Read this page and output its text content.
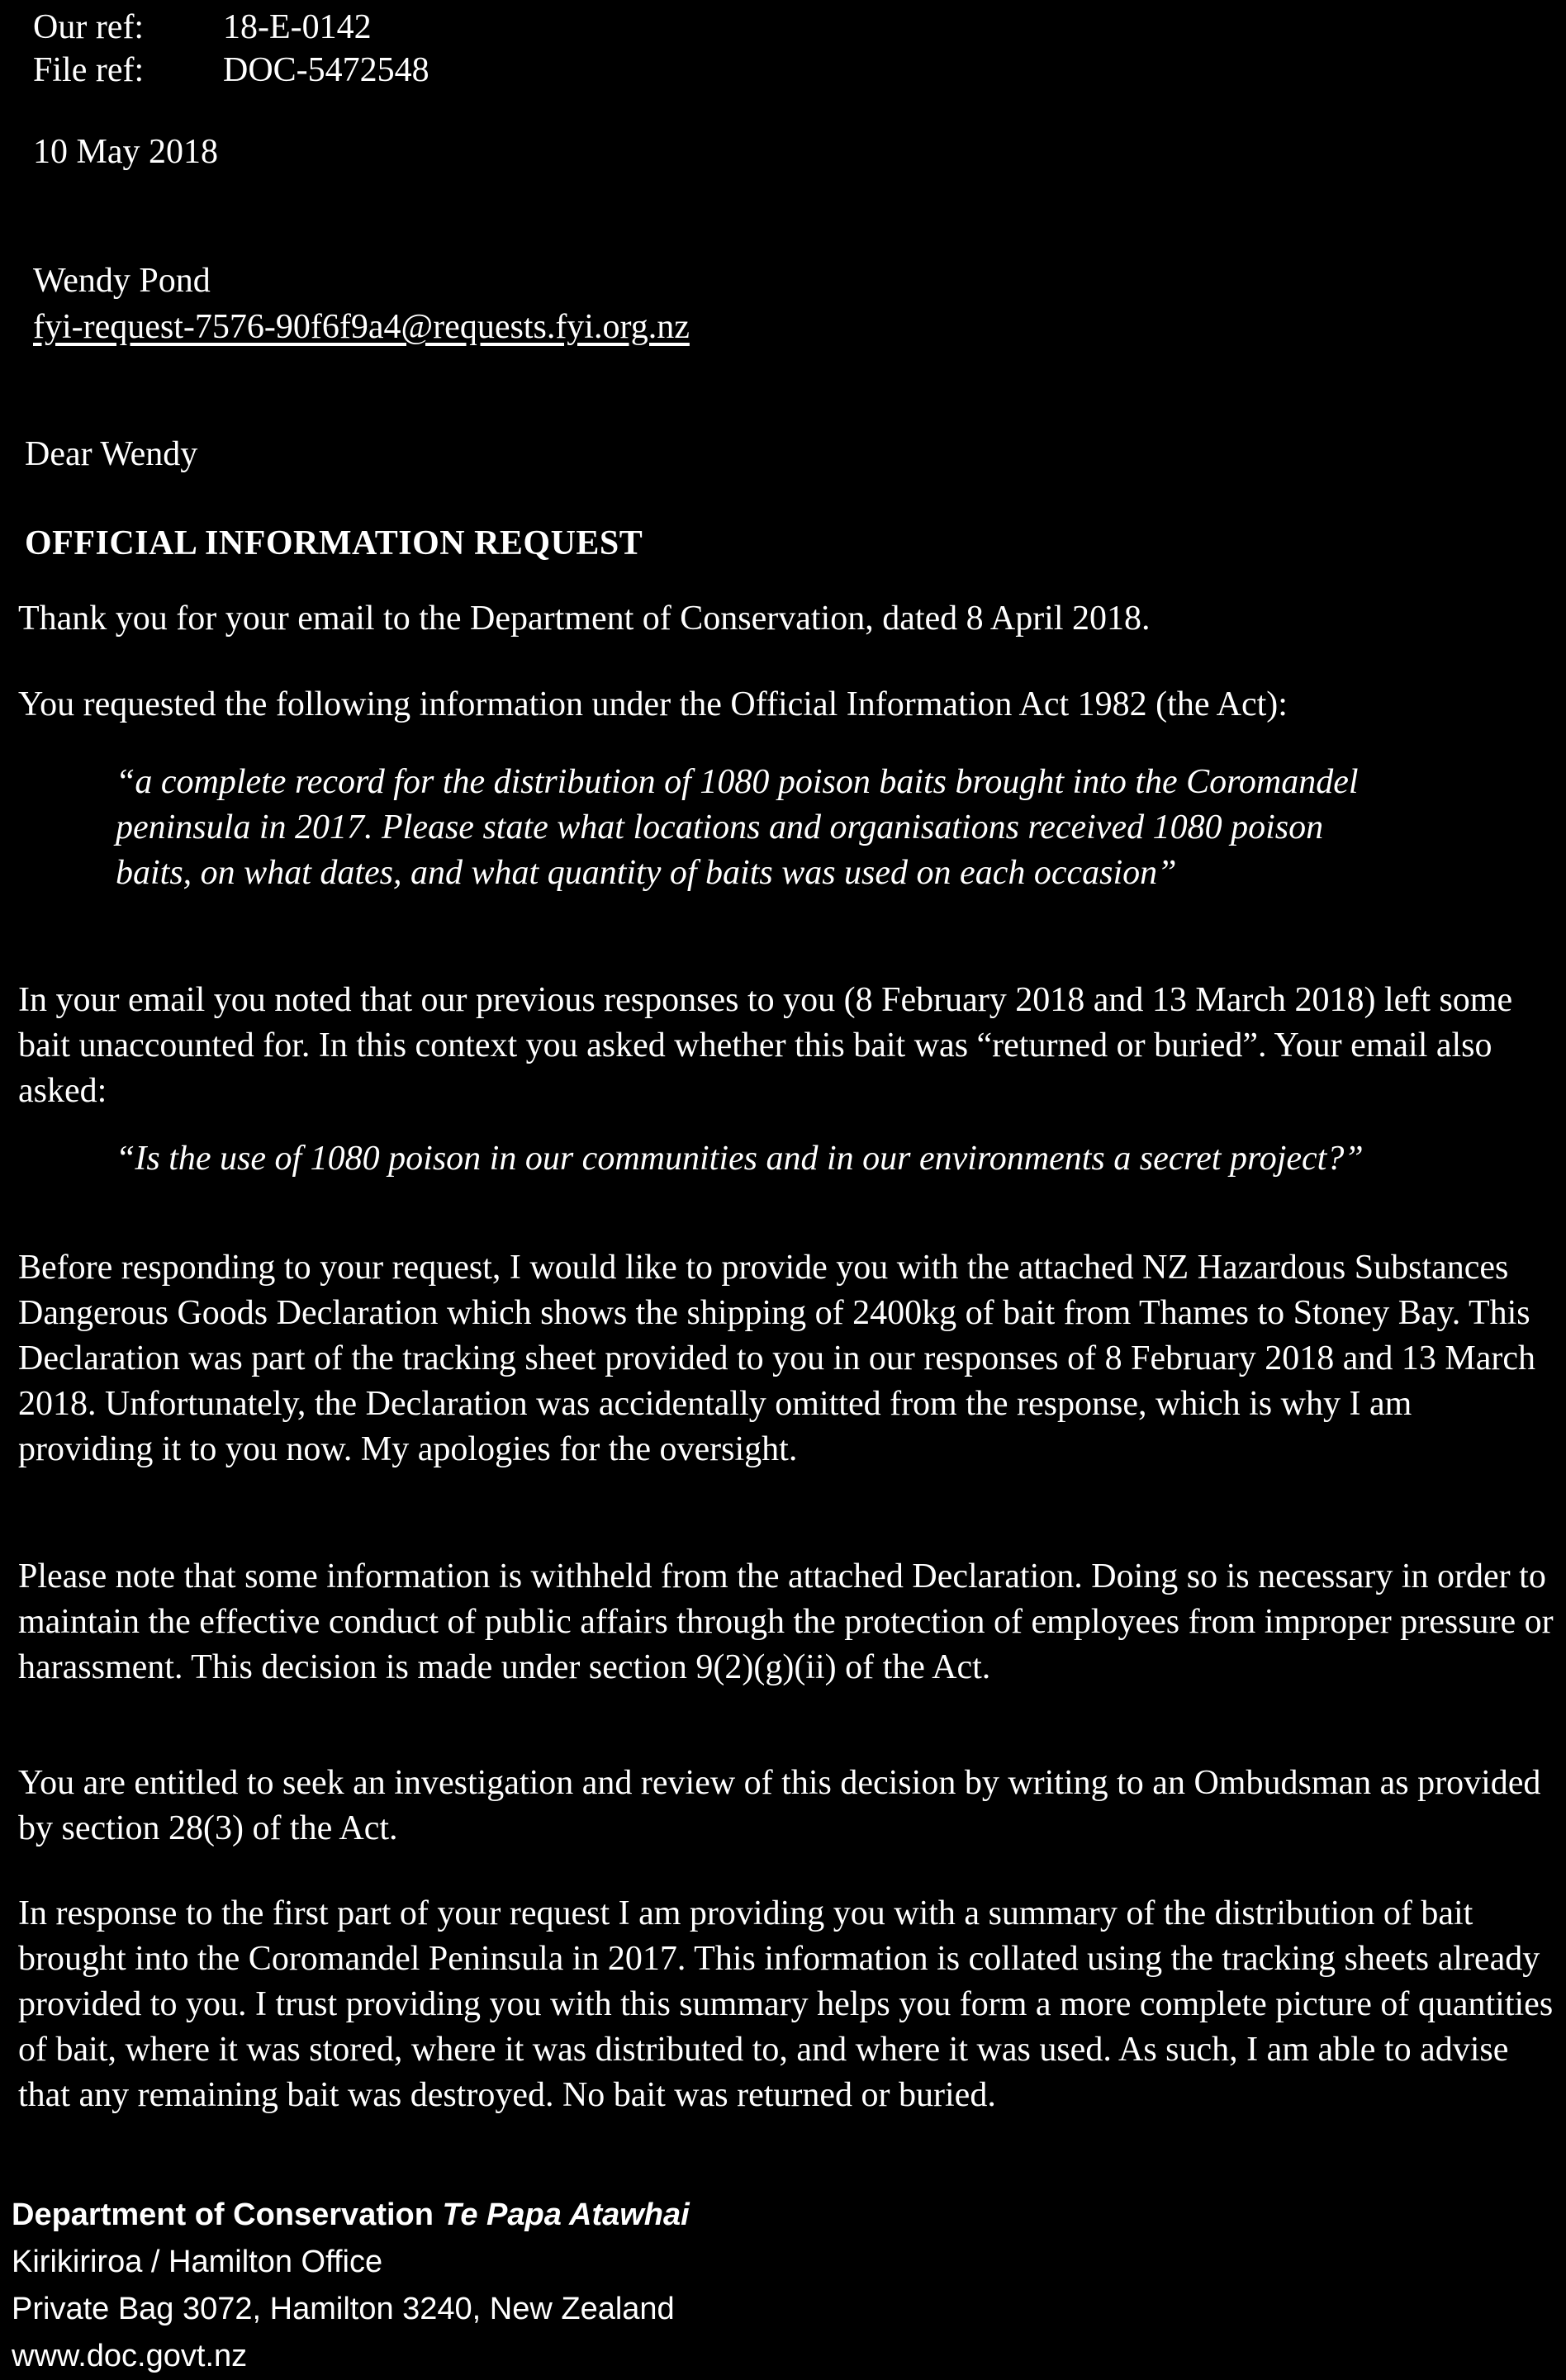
Our ref: 18-E-0142
File ref: DOC-5472548
10 May 2018
Wendy Pond
fyi-request-7576-90f6f9a4@requests.fyi.org.nz
Dear Wendy
OFFICIAL INFORMATION REQUEST

Thank you for your email to the Department of Conservation, dated 8 April 2018.

You requested the following information under the Official Information Act 1982 (the Act):

“a complete record for the distribution of 1080 poison baits brought into the Coromandel peninsula in 2017. Please state what locations and organisations received 1080 poison baits, on what dates, and what quantity of baits was used on each occasion”

In your email you noted that our previous responses to you (8 February 2018 and 13 March 2018) left some bait unaccounted for. In this context you asked whether this bait was “returned or buried”. Your email also asked:

“Is the use of 1080 poison in our communities and in our environments a secret project?”

Before responding to your request, I would like to provide you with the attached NZ Hazardous Substances Dangerous Goods Declaration which shows the shipping of 2400kg of bait from Thames to Stoney Bay. This Declaration was part of the tracking sheet provided to you in our responses of 8 February 2018 and 13 March 2018. Unfortunately, the Declaration was accidentally omitted from the response, which is why I am providing it to you now. My apologies for the oversight.

Please note that some information is withheld from the attached Declaration. Doing so is necessary in order to maintain the effective conduct of public affairs through the protection of employees from improper pressure or harassment. This decision is made under section 9(2)(g)(ii) of the Act.

You are entitled to seek an investigation and review of this decision by writing to an Ombudsman as provided by section 28(3) of the Act.

In response to the first part of your request I am providing you with a summary of the distribution of bait brought into the Coromandel Peninsula in 2017. This information is collated using the tracking sheets already provided to you. I trust providing you with this summary helps you form a more complete picture of quantities of bait, where it was stored, where it was distributed to, and where it was used. As such, I am able to advise that any remaining bait was destroyed. No bait was returned or buried.

Department of Conservation Te Papa Atawhai
Kirikiriroa / Hamilton Office
Private Bag 3072, Hamilton 3240, New Zealand
www.doc.govt.nz
